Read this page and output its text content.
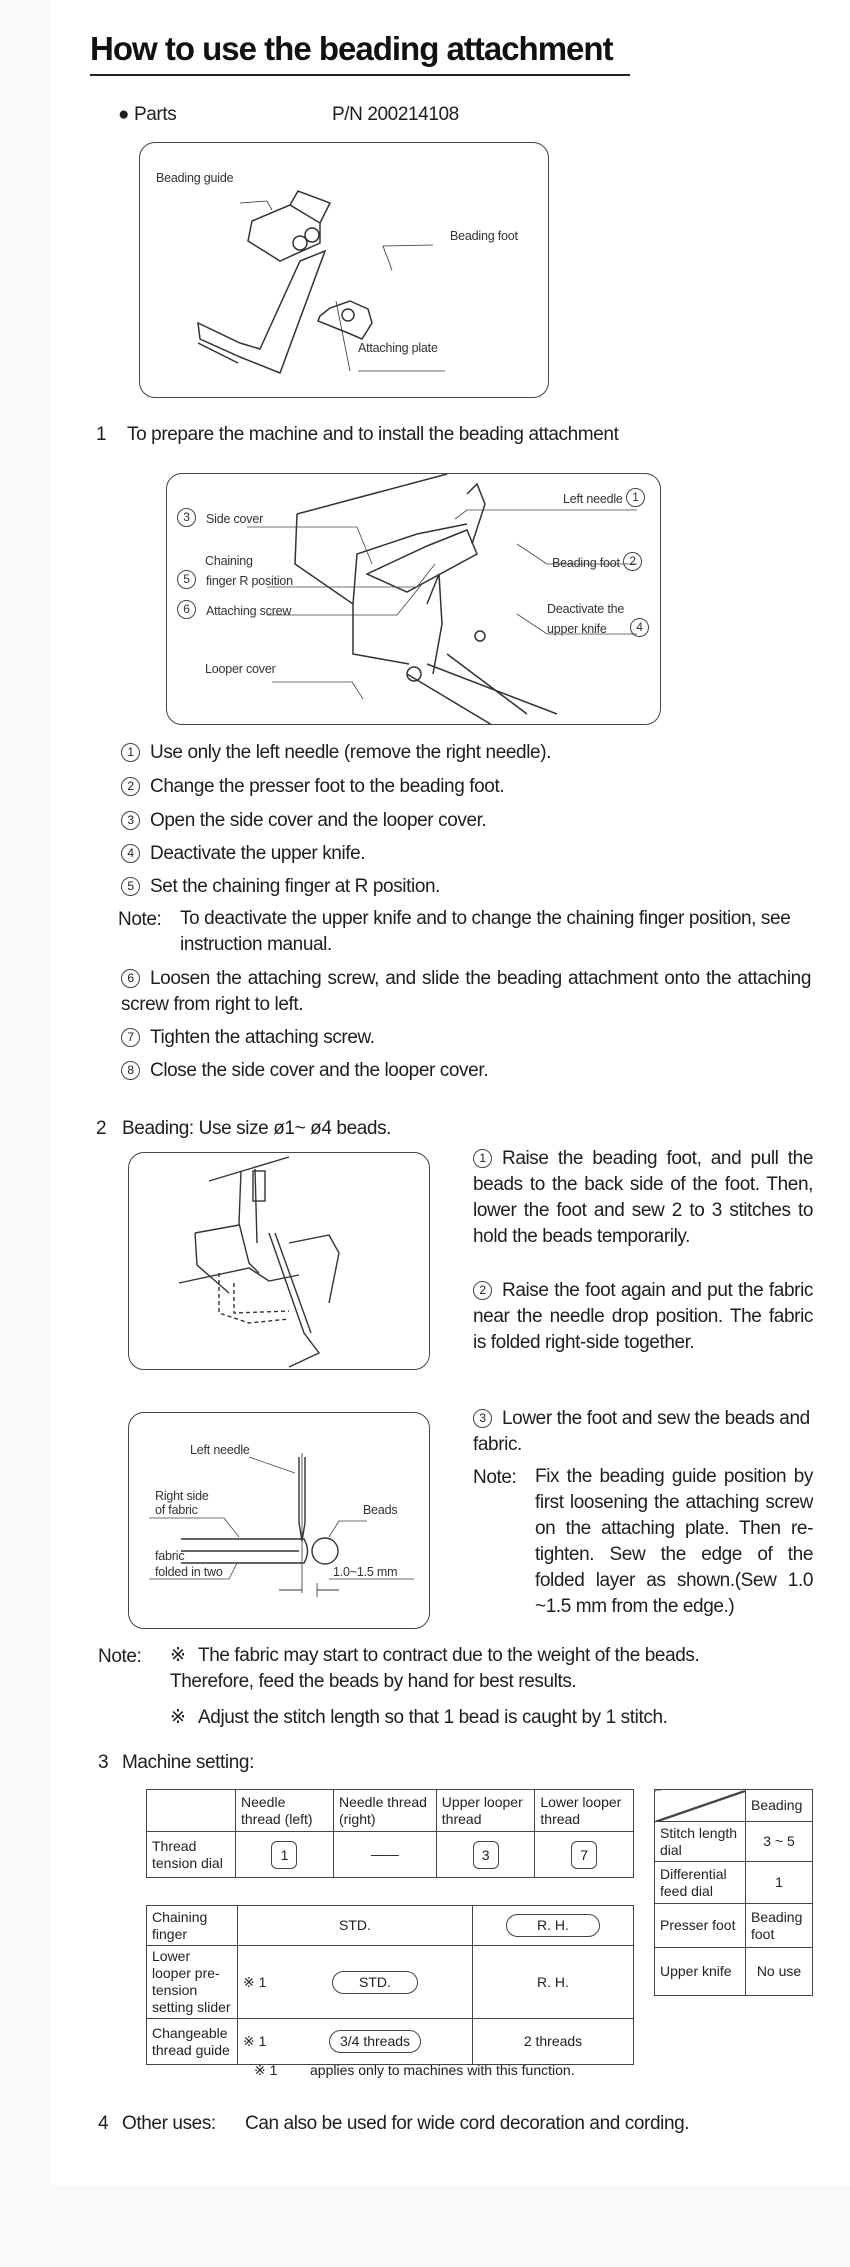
How to use the beading attachment
● Parts	P/N 200214108
Beading guide
Beading foot
Attaching plate
1 To prepare the machine and to install the beading attachment
3 Side cover
Chaining
5 finger R position
6 Attaching screw
Looper cover
Left needle 1
Beading foot 2
Deactivate the
upper knife 4
1 Use only the left needle (remove the right needle).
2 Change the presser foot to the beading foot.
3 Open the side cover and the looper cover.
4 Deactivate the upper knife.
5 Set the chaining finger at R position.
Note: To deactivate the upper knife and to change the chaining finger position, see instruction manual.
6 Loosen the attaching screw, and slide the beading attachment onto the attaching screw from right to left.
7 Tighten the attaching screw.
8 Close the side cover and the looper cover.
2 Beading: Use size ø1~ ø4 beads.
1 Raise the beading foot, and pull the beads to the back side of the foot. Then, lower the foot and sew 2 to 3 stitches to hold the beads temporarily.
2 Raise the foot again and put the fabric near the needle drop position. The fabric is folded right-side together.
Left needle
Right side
of fabric	Beads
fabric
folded in two	1.0~1.5 mm
3 Lower the foot and sew the beads and fabric.
Note: Fix the beading guide position by first loosening the attaching screw on the attaching plate. Then re-tighten. Sew the edge of the folded layer as shown.(Sew 1.0 ~1.5 mm from the edge.)
Note: ※ The fabric may start to contract due to the weight of the beads. Therefore, feed the beads by hand for best results.
※ Adjust the stitch length so that 1 bead is caught by 1 stitch.
3 Machine setting:
	Needle thread (left)	Needle thread (right)	Upper looper thread	Lower looper thread
Thread tension dial	1	——	3	7
Chaining finger	STD.		R. H.
Lower looper pre-tension setting slider	※ 1	STD.	R. H.
Changeable thread guide	※ 1	3/4 threads	2 threads
	Beading
Stitch length dial	3 ~ 5
Differential feed dial	1
Presser foot	Beading foot
Upper knife	No use
※ 1 applies only to machines with this function.
4 Other uses: Can also be used for wide cord decoration and cording.
